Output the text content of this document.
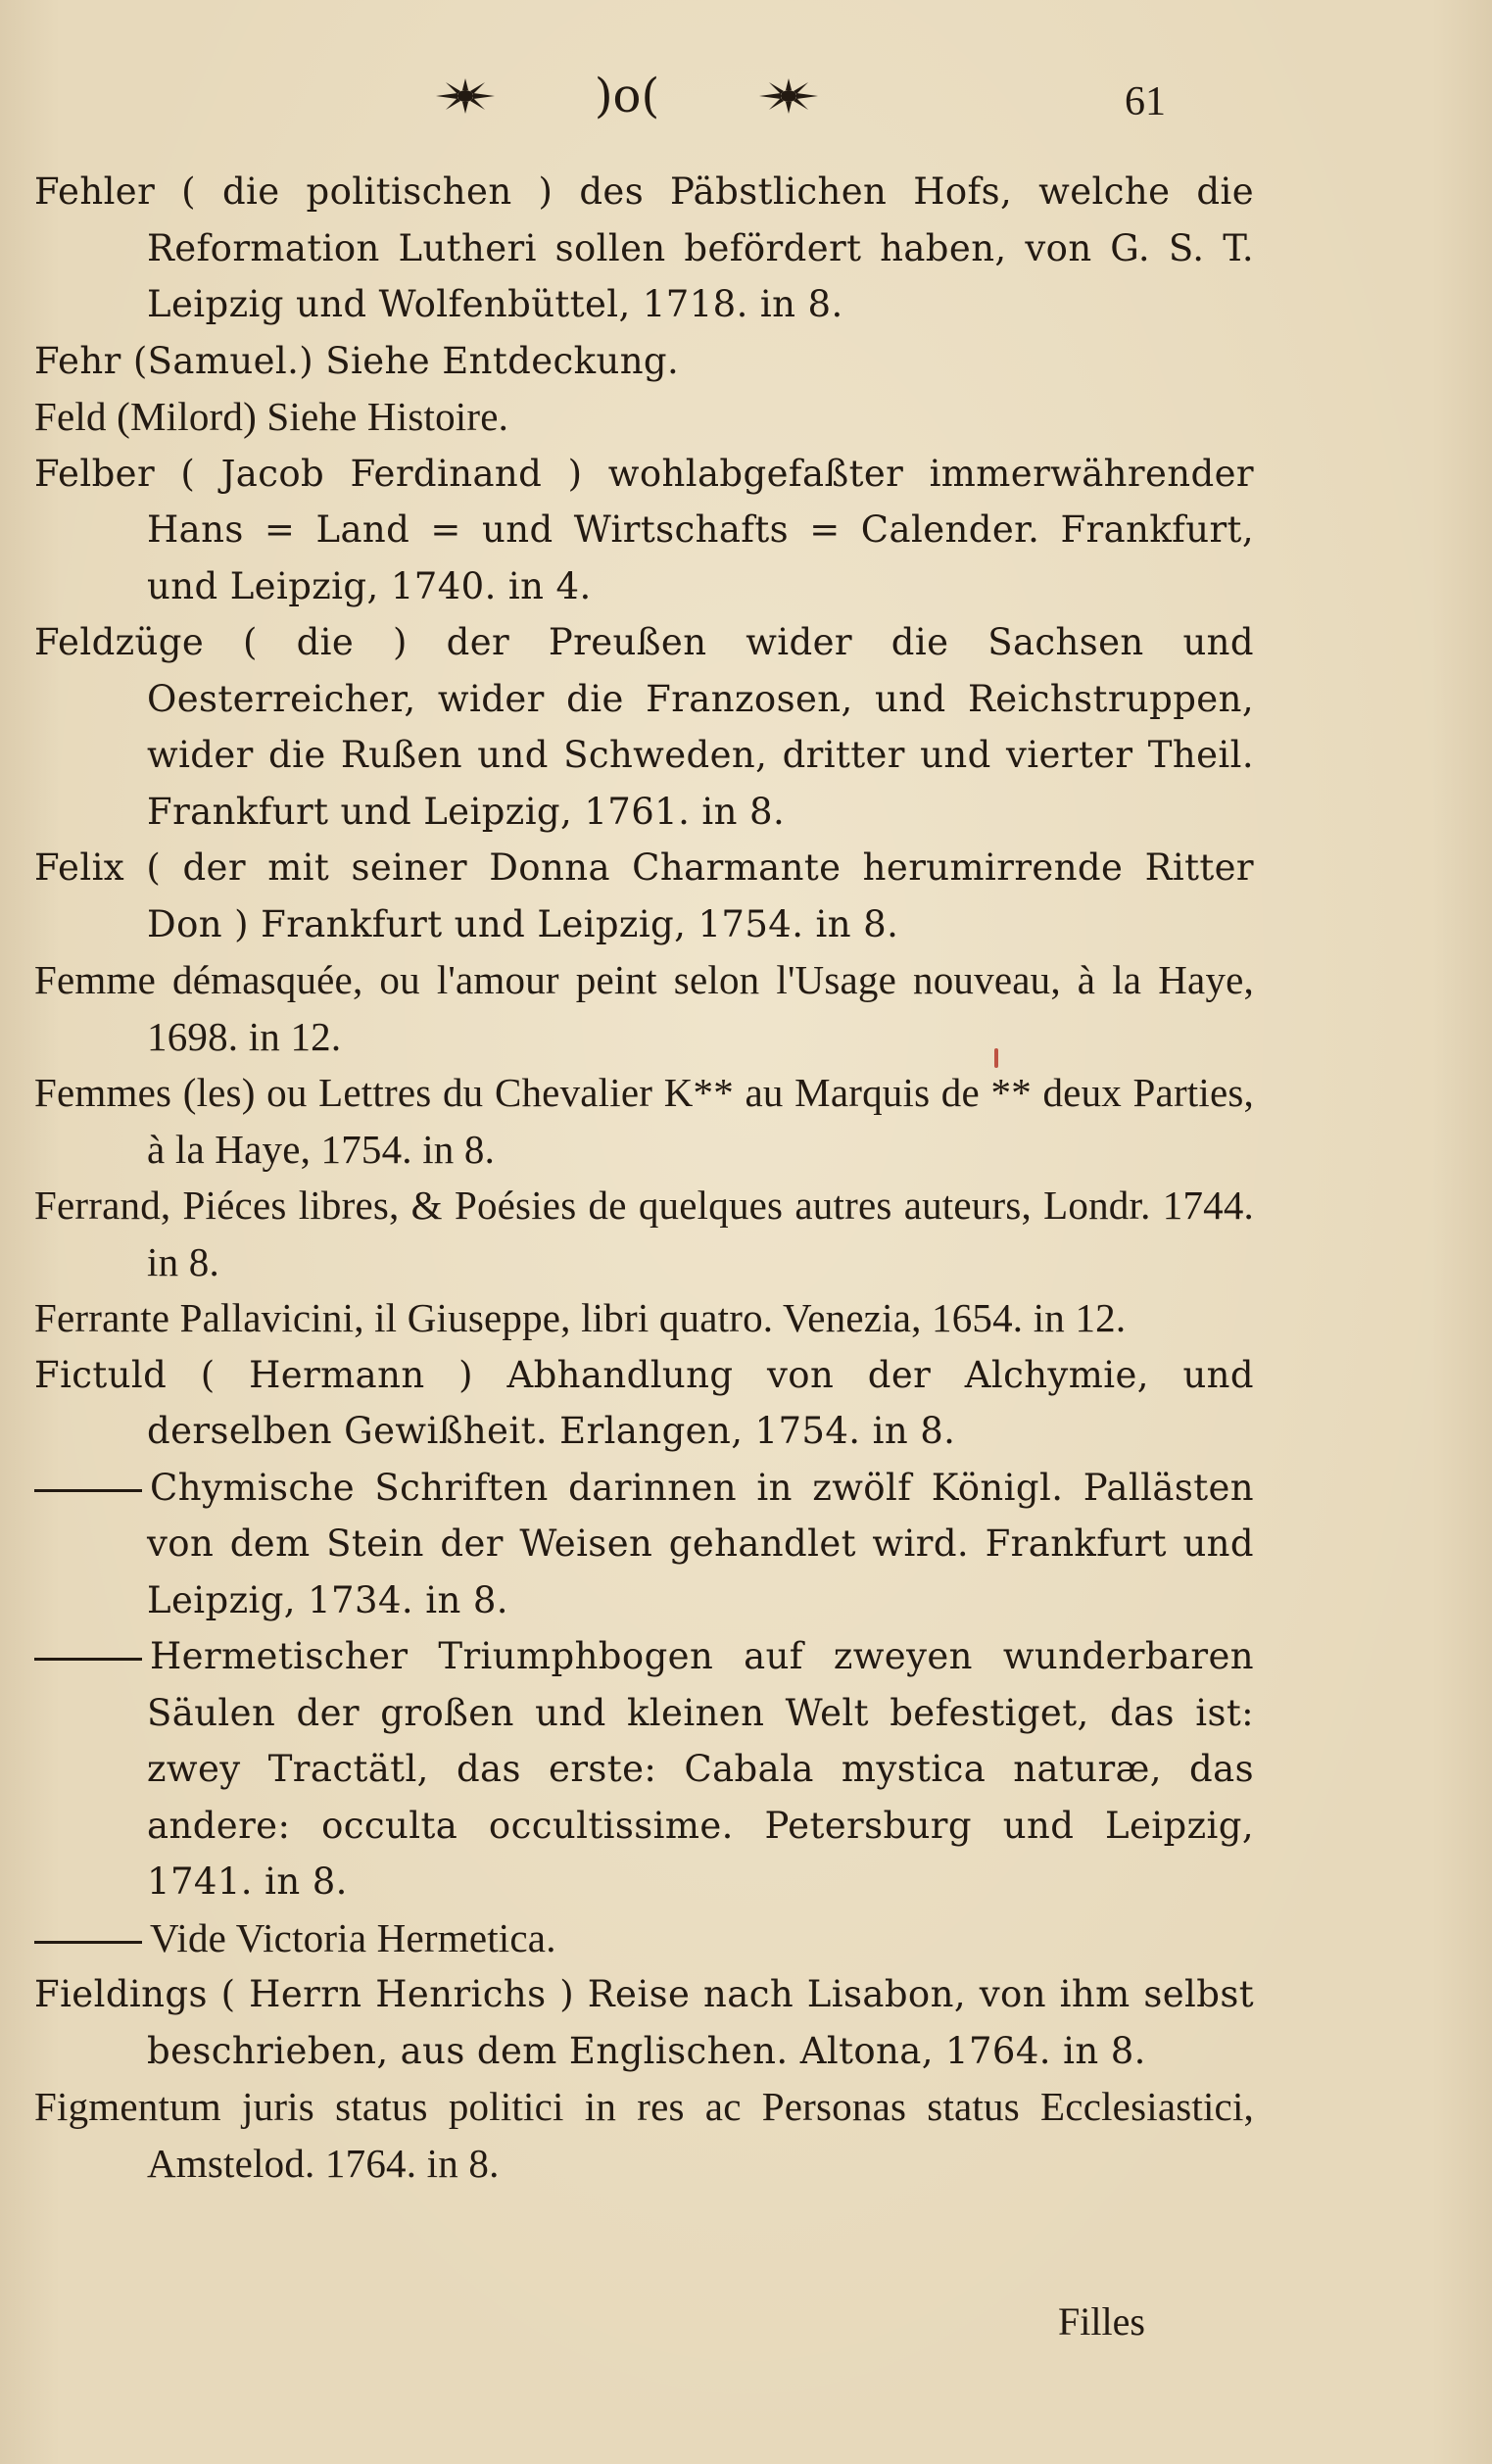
)o(	61

Fehler ( die politischen ) des Päbstlichen Hofs, welche die Reformation Lutheri sollen befördert haben, von G. S. T. Leipzig und Wolfenbüttel, 1718. in 8.

Fehr (Samuel.) Siehe Entdeckung.

Feld (Milord) Siehe Histoire.

Felber ( Jacob Ferdinand ) wohlabgefaßter immerwährender Hans = Land = und Wirtschafts = Calender. Frankfurt, und Leipzig, 1740. in 4.

Feldzüge ( die ) der Preußen wider die Sachsen und Oesterreicher, wider die Franzosen, und Reichstruppen, wider die Rußen und Schweden, dritter und vierter Theil. Frankfurt und Leipzig, 1761. in 8.

Felix ( der mit seiner Donna Charmante herumirrende Ritter Don ) Frankfurt und Leipzig, 1754. in 8.

Femme démasquée, ou l'amour peint selon l'Usage nouveau, à la Haye, 1698. in 12.

Femmes (les) ou Lettres du Chevalier K** au Marquis de ** deux Parties, à la Haye, 1754. in 8.

Ferrand, Piéces libres, & Poésies de quelques autres auteurs, Londr. 1744. in 8.

Ferrante Pallavicini, il Giuseppe, libri quatro. Venezia, 1654. in 12.

Fictuld ( Hermann ) Abhandlung von der Alchymie, und derselben Gewißheit. Erlangen, 1754. in 8.

Chymische Schriften darinnen in zwölf Königl. Pallästen von dem Stein der Weisen gehandlet wird. Frankfurt und Leipzig, 1734. in 8.

Hermetischer Triumphbogen auf zweyen wunderbaren Säulen der großen und kleinen Welt befestiget, das ist: zwey Tractätl, das erste: Cabala mystica naturæ, das andere: occulta occultissime. Petersburg und Leipzig, 1741. in 8.

Vide Victoria Hermetica.

Fieldings ( Herrn Henrichs ) Reise nach Lisabon, von ihm selbst beschrieben, aus dem Englischen. Altona, 1764. in 8.

Figmentum juris status politici in res ac Personas status Ecclesiastici, Amstelod. 1764. in 8.

Filles
